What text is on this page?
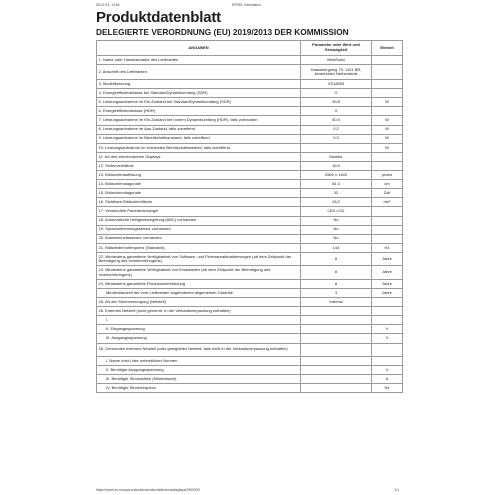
06.02.23, 14:54	EPREL Information
Produktdatenblatt
DELEGIERTE VERORDNUNG (EU) 2019/2013 DER KOMMISSION
ANGABEN	Parameter oder Wert und Genauigkeit	Einheit
1. Name oder Handelsmarke des Lieferanten	ViewSonic	
2. Anschrift des Lieferanten	Haaksbergweg 75, 1101 BR, Amsterdam Netherlands	
3. Modellkennung	VS18553	
4. Energieeffizienzklasse bei StandardDynamikumfang (SDR)	G	
5. Leistungsaufnahme im Ein-Zustand bei StandardDynamikumfang (SDR)	39.8	W
6. Energieeffizienzklasse (HDR)	G	
7. Leistungsaufnahme im Ein-Zustand bei hohem Dynamikumfang (HDR), falls vorhanden	50.5	W
8. Leistungsaufnahme im Aus-Zustand, falls zutreffend	0.2	W
9. Leistungsaufnahme im Bereitschaftszustand, falls zutreffend	0.3	W
10. Leistungsaufnahme im vernetzten Bereitschaftsbetrieb, falls zutreffend		W
11. Art des electronischen Displays	Monitor	
12. Seitenverhältnis	16:9	
13. Bildschirmauflösung	2560 x 1440	pixels
14. Bildschirmdiagonale	81.3	cm
15. Bildschirmdiagonale	32	Zoll
16. Sichtbare Bildschirmfläche	28.2	dm²
17. Verwendete Paneltechnologie	LED LCD	
18. Automatische Helligkeitsregelung (ABC) vorhanden	No	
19. Spracherkennungssensor vorhanden	No	
20. Anwesenheitssensor vorhanden	No	
21. Bildwiederholfrequenz (Standard)	144	Hz
22. Mindestens garantierte Verfügbarkeit von Software- und Firmwareaktualisierungen (ab dem Zeitpunkt der Beendigung des Inverkehrbringens)	8	Jahre
23. Mindestens garantierte Verfügbarkeit von Ersatzteilen (ab dem Zeitpunkt der Beendigung des Inverkehrbringens)	8	Jahre
24. Mindestens garantierte Produktunterstützung	8	Jahre
Mindestlaufzeit der vom Lieferanten angebotenen allgemeinen Garantie	3	Jahre
25. Art der Stromversorgung (Netzteil)	Internal	
26. Externes Netzteil (nicht genormt, in der Verkaufsverpackung enthalten)		
I.		
II. Eingangsspannung		V
III. Ausgangsspannung		V
26. Genormtes externes Netzteil (oder geeignetes Netzteil, falls nicht in der Verkaufsverpackung enthalten)		
I. Name oder Liste unterstützter Normen		
II. Benötigte Ausgangsspannung		V
III. Benötigte Stromstärke (Mindestwert)		A
IV. Benötigte Stromfrequenz		Hz
https://eprel.ec.europa.eu/screen/product/electronicdisplays/1500330	1/1
